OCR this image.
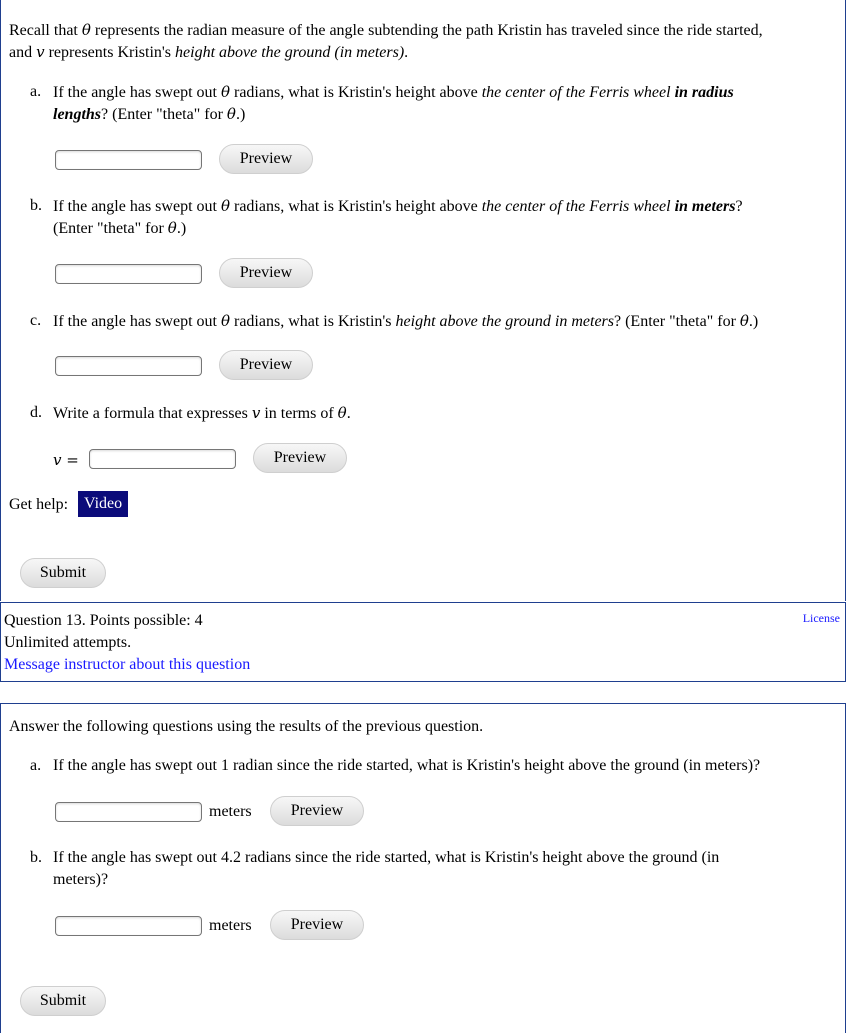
Recall that θ represents the radian measure of the angle subtending the path Kristin has traveled since the ride started,
and v represents Kristin's height above the ground (in meters).
a. If the angle has swept out θ radians, what is Kristin's height above the center of the Ferris wheel in radius
lengths? (Enter "theta" for θ.)
Preview
b. If the angle has swept out θ radians, what is Kristin's height above the center of the Ferris wheel in meters?
(Enter "theta" for θ.)
Preview
c. If the angle has swept out θ radians, what is Kristin's height above the ground in meters? (Enter "theta" for θ.)
Preview
d. Write a formula that expresses v in terms of θ.
v =	Preview
Get help: Video
Submit
Question 13. Points possible: 4
Unlimited attempts.
Message instructor about this question
License
Answer the following questions using the results of the previous question.
a. If the angle has swept out 1 radian since the ride started, what is Kristin's height above the ground (in meters)?
meters	Preview
b. If the angle has swept out 4.2 radians since the ride started, what is Kristin's height above the ground (in
meters)?
meters	Preview
Submit
